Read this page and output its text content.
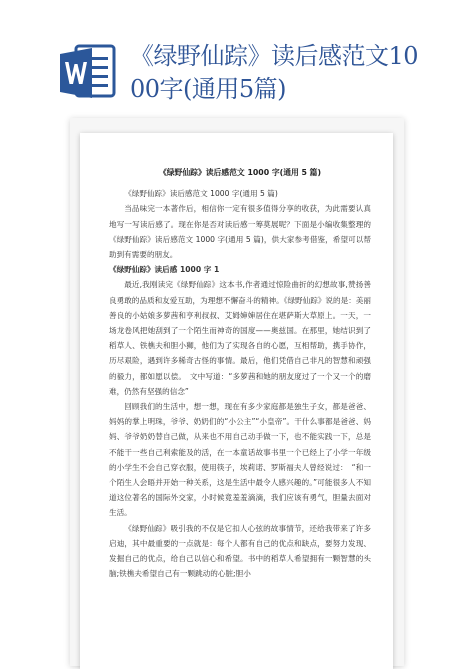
《绿野仙踪》读后感范文10
00字(通用5篇)
《绿野仙踪》读后感范文 1000 字(通用 5 篇)

《绿野仙踪》读后感范文 1000 字(通用 5 篇)

当品味完一本著作后，相信你一定有很多值得分享的收获，为此需要认真地写一写读后感了。现在你是否对读后感一筹莫展呢？下面是小编收集整理的《绿野仙踪》读后感范文 1000 字(通用 5 篇)，供大家参考借鉴，希望可以帮助到有需要的朋友。

《绿野仙踪》读后感 1000 字 1

最近,我刚读完《绿野仙踪》这本书,作者通过惊险曲折的幻想故事,赞扬善良勇敢的品质和友爱互助，为理想不懈奋斗的精神。《绿野仙踪》说的是：美丽善良的小姑娘多萝茜和亨利叔叔、艾姆婶婶居住在堪萨斯大草原上。一天，一场龙卷风把她刮到了一个陌生而神奇的国度——奥兹国。在那里，她结识到了稻草人、铁樵夫和胆小狮，他们为了实现各自的心愿，互相帮助，携手协作，历尽艰险，遇到许多稀奇古怪的事情。最后，他们凭借自己非凡的智慧和顽强的毅力，都如愿以偿。　文中写道：“多萝茜和她的朋友度过了一个又一个的磨难，仍然有坚强的信念”

回顾我们的生活中，想一想，现在有多少家庭都是独生子女，都是爸爸、妈妈的掌上明珠，爷爷、奶奶们的“小公主”“小皇帝”。干什么事都是爸爸、妈妈、爷爷奶奶替自己做，从来也不用自己动手做一下，也不能实践一下，总是不能干一些自己利索能及的活，在一本童话故事书里一个已经上了小学一年级的小学生不会自己穿衣服，使用筷子，埃莉诺、罗斯福夫人曾经说过：　“和一个陌生人会晤并开始一种关系，这是生活中最令人感兴趣的。”可能很多人不知道这位著名的国际外交家，小时候竟羞羞滴滴，我们应该有勇气，胆量去面对生活。

《绿野仙踪》吸引我的不仅是它扣人心弦的故事情节，还给我带来了许多启迪，其中最重要的一点就是：每个人都有自己的优点和缺点，要努力发现、发掘自己的优点，给自己以信心和希望。书中的稻草人希望拥有一颗智慧的头脑;铁樵夫希望自己有一颗跳动的心脏;胆小
